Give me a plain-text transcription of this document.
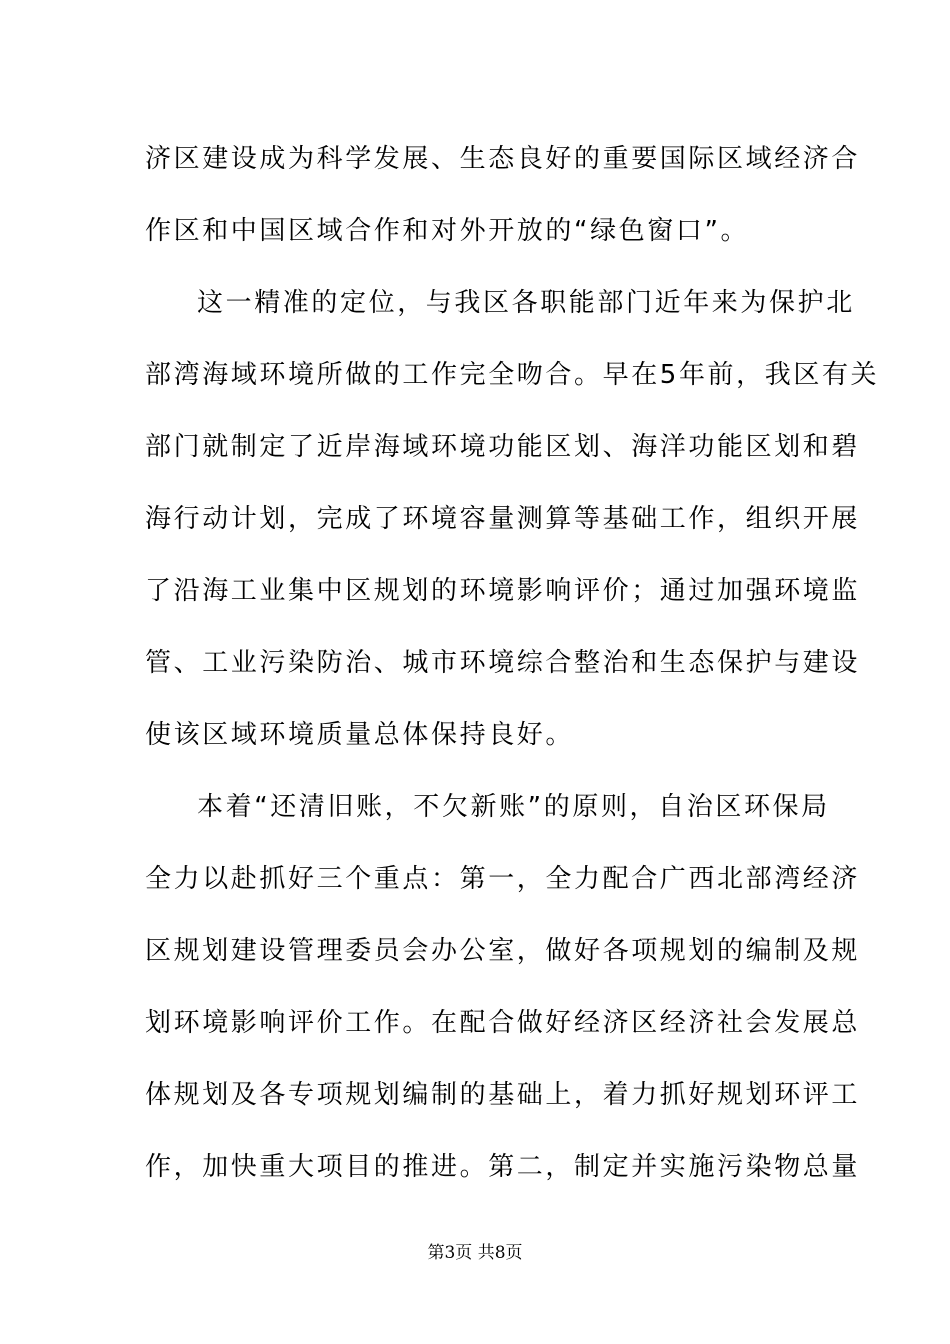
济区建设成为科学发展、生态良好的重要国际区域经济合
作区和中国区域合作和对外开放的“绿色窗口”。
这一精准的定位，与我区各职能部门近年来为保护北
部湾海域环境所做的工作完全吻合。早在5年前，我区有关
部门就制定了近岸海域环境功能区划、海洋功能区划和碧
海行动计划，完成了环境容量测算等基础工作，组织开展
了沿海工业集中区规划的环境影响评价；通过加强环境监
管、工业污染防治、城市环境综合整治和生态保护与建设
使该区域环境质量总体保持良好。
本着“还清旧账，不欠新账”的原则，自治区环保局
全力以赴抓好三个重点：第一，全力配合广西北部湾经济
区规划建设管理委员会办公室，做好各项规划的编制及规
划环境影响评价工作。在配合做好经济区经济社会发展总
体规划及各专项规划编制的基础上，着力抓好规划环评工
作，加快重大项目的推进。第二，制定并实施污染物总量
第3页 共8页
